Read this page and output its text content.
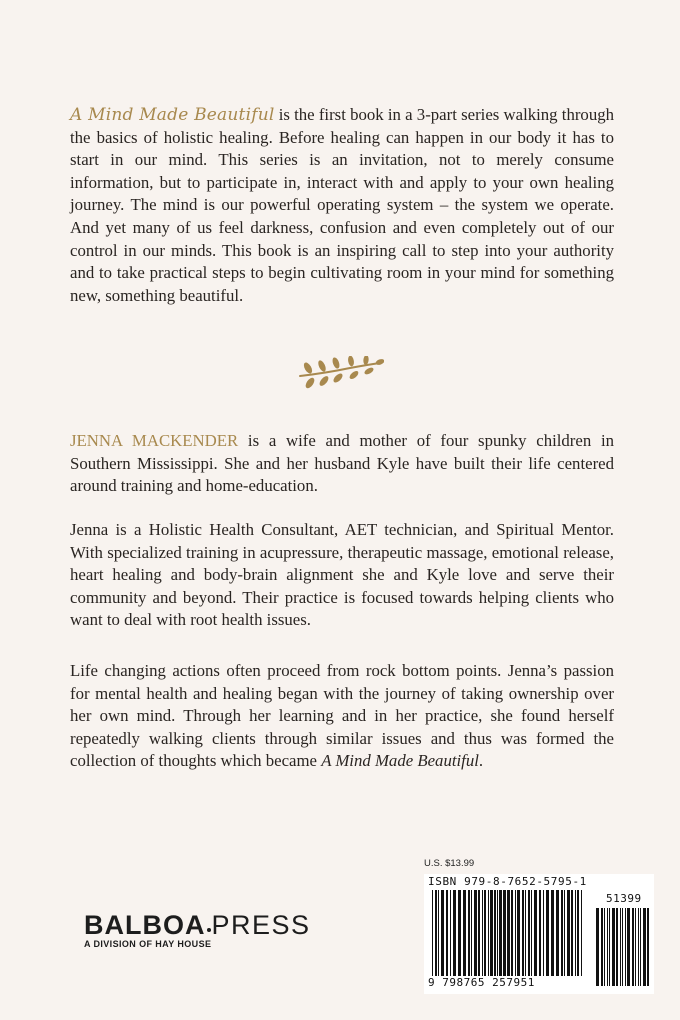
A Mind Made Beautiful is the first book in a 3-part series walking through the basics of holistic healing. Before healing can happen in our body it has to start in our mind. This series is an invitation, not to merely consume information, but to participate in, interact with and apply to your own healing journey. The mind is our powerful operating system – the system we operate. And yet many of us feel darkness, confusion and even completely out of our control in our minds. This book is an inspiring call to step into your authority and to take practical steps to begin cultivating room in your mind for something new, something beautiful.

JENNA MACKENDER is a wife and mother of four spunky children in Southern Mississippi. She and her husband Kyle have built their life centered around training and home-education.

Jenna is a Holistic Health Consultant, AET technician, and Spiritual Mentor. With specialized training in acupressure, therapeutic massage, emotional release, heart healing and body-brain alignment she and Kyle love and serve their community and beyond. Their practice is focused towards helping clients who want to deal with root health issues.

Life changing actions often proceed from rock bottom points. Jenna’s passion for mental health and healing began with the journey of taking ownership over her own mind. Through her learning and in her practice, she found herself repeatedly walking clients through similar issues and thus was formed the collection of thoughts which became A Mind Made Beautiful.

BALBOA PRESS
A DIVISION OF HAY HOUSE
U.S. $13.99
ISBN 979-8-7652-5795-1
51399
9 798765 257951
